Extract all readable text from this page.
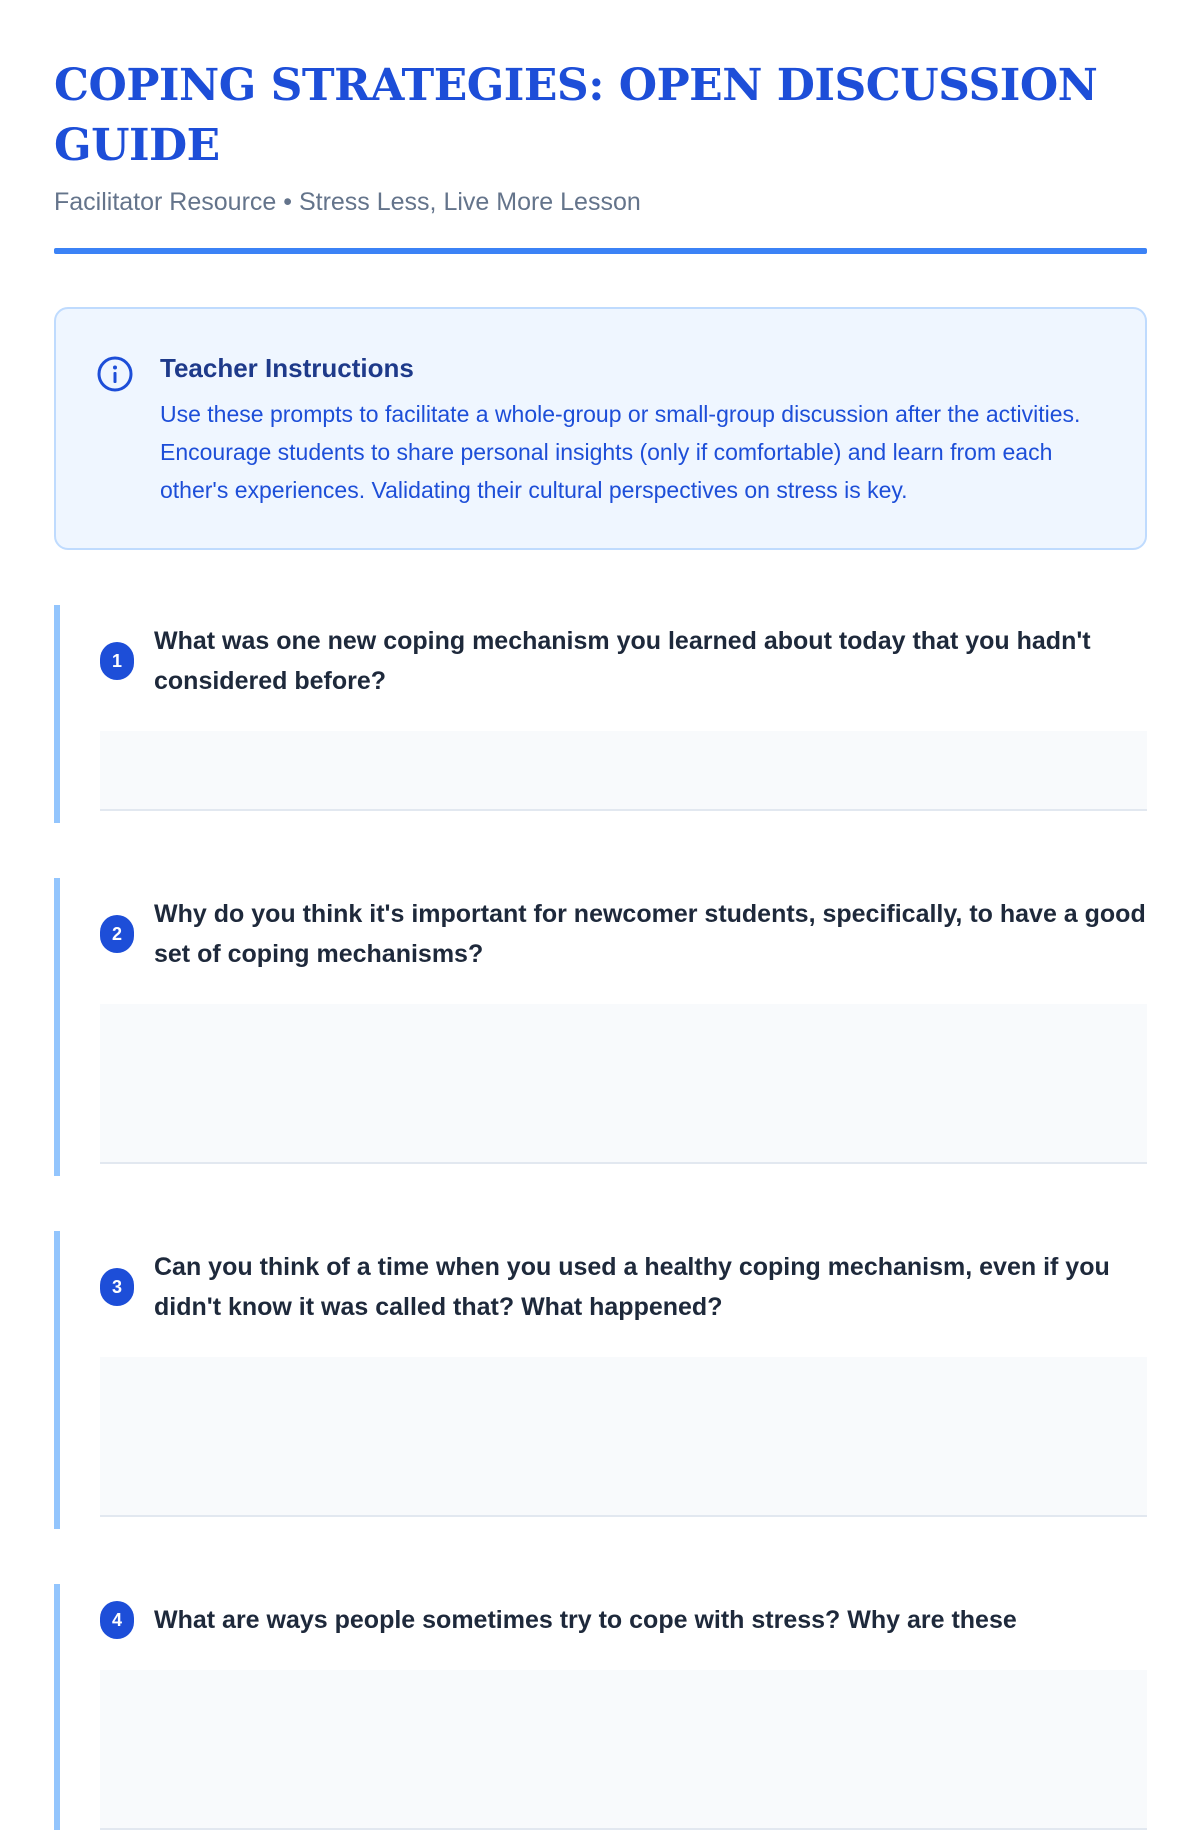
COPING STRATEGIES: OPEN DISCUSSION GUIDE
Facilitator Resource • Stress Less, Live More Lesson
Teacher Instructions

Use these prompts to facilitate a whole-group or small-group discussion after the activities. Encourage students to share personal insights (only if comfortable) and learn from each other's experiences. Validating their cultural perspectives on stress is key.

1
What was one new coping mechanism you learned about today that you hadn't considered before?
2
Why do you think it's important for newcomer students, specifically, to have a good set of coping mechanisms?
3
Can you think of a time when you used a healthy coping mechanism, even if you didn't know it was called that? What happened?
4	What are ways people sometimes try to cope with stress? Why are these
